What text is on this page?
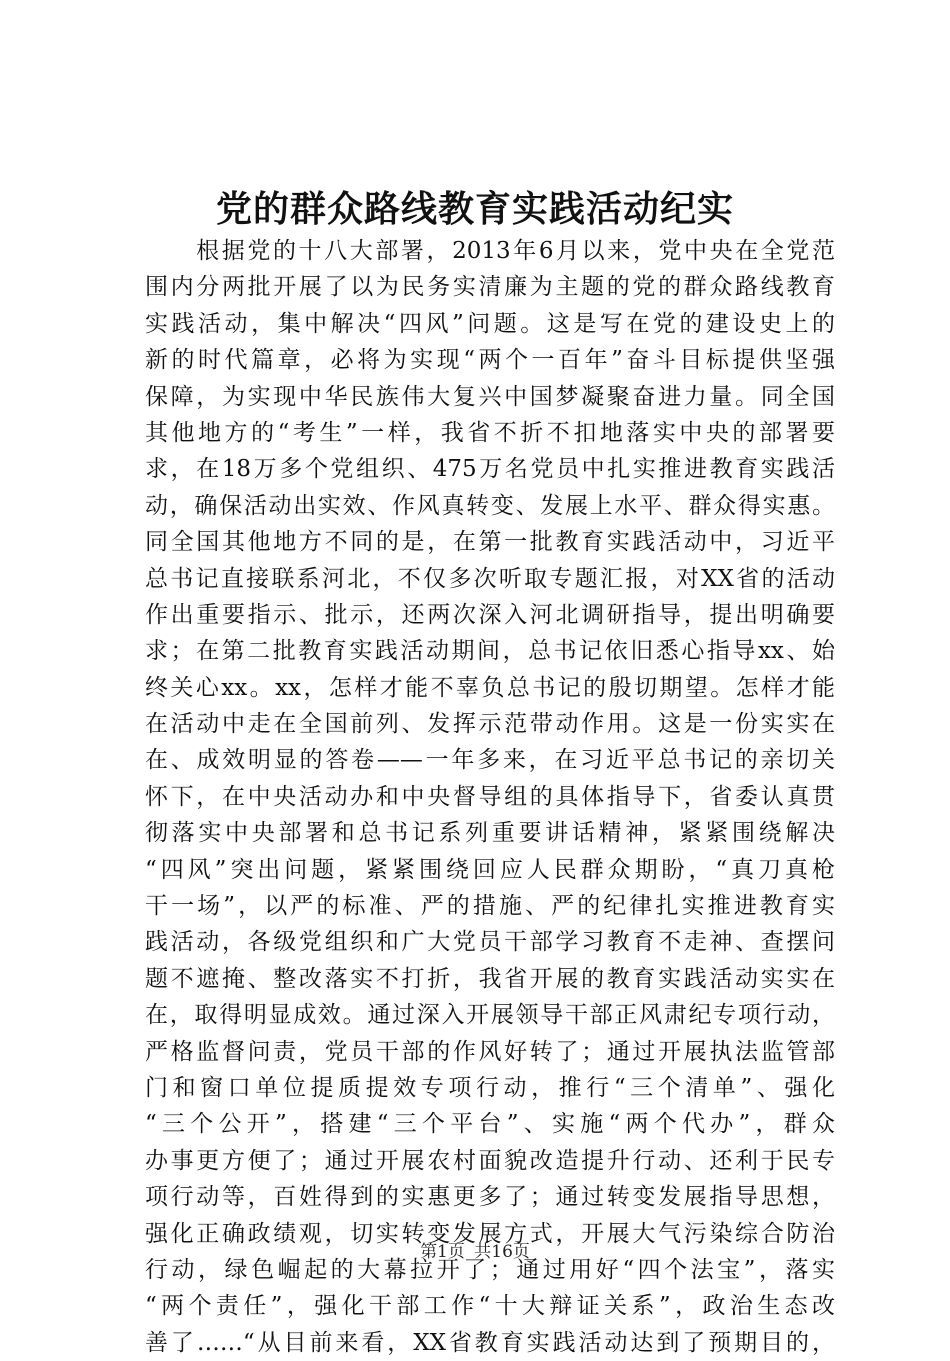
党的群众路线教育实践活动纪实
　　根据党的十八大部署，2013年6月以来，党中央在全党范
围内分两批开展了以为民务实清廉为主题的党的群众路线教育
实践活动，集中解决“四风”问题。这是写在党的建设史上的
新的时代篇章，必将为实现“两个一百年”奋斗目标提供坚强
保障，为实现中华民族伟大复兴中国梦凝聚奋进力量。同全国
其他地方的“考生”一样，我省不折不扣地落实中央的部署要
求，在18万多个党组织、475万名党员中扎实推进教育实践活
动，确保活动出实效、作风真转变、发展上水平、群众得实惠。
同全国其他地方不同的是，在第一批教育实践活动中，习近平
总书记直接联系河北，不仅多次听取专题汇报，对XX省的活动
作出重要指示、批示，还两次深入河北调研指导，提出明确要
求；在第二批教育实践活动期间，总书记依旧悉心指导xx、始
终关心xx。xx，怎样才能不辜负总书记的殷切期望。怎样才能
在活动中走在全国前列、发挥示范带动作用。这是一份实实在
在、成效明显的答卷——一年多来，在习近平总书记的亲切关
怀下，在中央活动办和中央督导组的具体指导下，省委认真贯
彻落实中央部署和总书记系列重要讲话精神，紧紧围绕解决
“四风”突出问题，紧紧围绕回应人民群众期盼，“真刀真枪
干一场”，以严的标准、严的措施、严的纪律扎实推进教育实
践活动，各级党组织和广大党员干部学习教育不走神、查摆问
题不遮掩、整改落实不打折，我省开展的教育实践活动实实在
在，取得明显成效。通过深入开展领导干部正风肃纪专项行动，
严格监督问责，党员干部的作风好转了；通过开展执法监管部
门和窗口单位提质提效专项行动，推行“三个清单”、强化
“三个公开”，搭建“三个平台”、实施“两个代办”，群众
办事更方便了；通过开展农村面貌改造提升行动、还利于民专
项行动等，百姓得到的实惠更多了；通过转变发展指导思想，
强化正确政绩观，切实转变发展方式，开展大气污染综合防治
行动，绿色崛起的大幕拉开了；通过用好“四个法宝”，落实
“两个责任”，强化干部工作“十大辩证关系”，政治生态改
善了……“从目前来看，XX省教育实践活动达到了预期目的，
第1页 共16页
